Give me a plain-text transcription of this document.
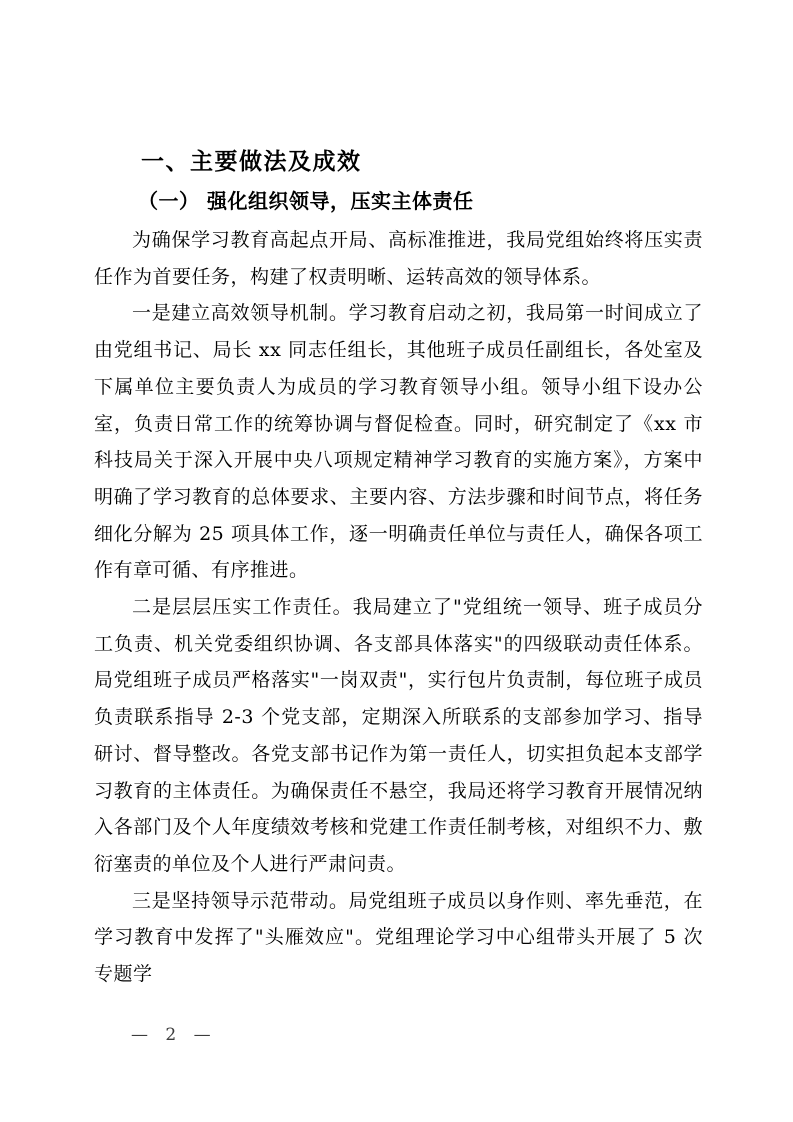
一、主要做法及成效
（一） 强化组织领导，压实主体责任

为确保学习教育高起点开局、高标准推进，我局党组始终将压实责任作为首要任务，构建了权责明晰、运转高效的领导体系。

一是建立高效领导机制。学习教育启动之初，我局第一时间成立了由党组书记、局长 xx 同志任组长，其他班子成员任副组长，各处室及下属单位主要负责人为成员的学习教育领导小组。领导小组下设办公室，负责日常工作的统筹协调与督促检查。同时，研究制定了《xx 市科技局关于深入开展中央八项规定精神学习教育的实施方案》，方案中明确了学习教育的总体要求、主要内容、方法步骤和时间节点，将任务细化分解为 25 项具体工作，逐一明确责任单位与责任人，确保各项工作有章可循、有序推进。

二是层层压实工作责任。我局建立了"党组统一领导、班子成员分工负责、机关党委组织协调、各支部具体落实"的四级联动责任体系。局党组班子成员严格落实"一岗双责"，实行包片负责制，每位班子成员负责联系指导 2-3 个党支部，定期深入所联系的支部参加学习、指导研讨、督导整改。各党支部书记作为第一责任人，切实担负起本支部学习教育的主体责任。为确保责任不悬空，我局还将学习教育开展情况纳入各部门及个人年度绩效考核和党建工作责任制考核，对组织不力、敷衍塞责的单位及个人进行严肃问责。

三是坚持领导示范带动。局党组班子成员以身作则、率先垂范，在学习教育中发挥了"头雁效应"。党组理论学习中心组带头开展了 5 次专题学

— 2 —
